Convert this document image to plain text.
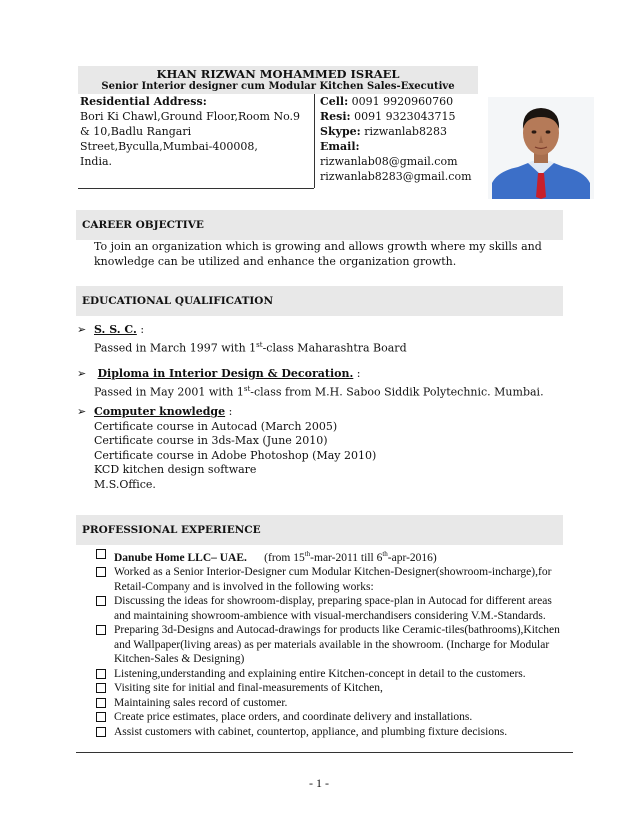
KHAN RIZWAN MOHAMMED ISRAEL
Senior Interior designer cum Modular Kitchen Sales-Executive
Residential Address:
Bori Ki Chawl,Ground Floor,Room No.9
& 10,Badlu Rangari
Street,Byculla,Mumbai-400008,
India.
Cell: 0091 9920960760
Resi: 0091 9323043715
Skype: rizwanlab8283
Email:
rizwanlab08@gmail.com
rizwanlab8283@gmail.com
CAREER OBJECTIVE
To join an organization which is growing and allows growth where my skills and
knowledge can be utilized and enhance the organization growth.
EDUCATIONAL QUALIFICATION
➢ S. S. C. :
Passed in March 1997 with 1st-class Maharashtra Board
➢	Diploma in Interior Design & Decoration. :
Passed in May 2001 with 1st-class from M.H. Saboo Siddik Polytechnic. Mumbai.
➢ Computer knowledge :
Certificate course in Autocad (March 2005)
Certificate course in 3ds-Max (June 2010)
Certificate course in Adobe Photoshop (May 2010)
KCD kitchen design software
M.S.Office.
PROFESSIONAL EXPERIENCE
Danube Home LLC– UAE. (from 15th-mar-2011 till 6th-apr-2016)
Worked as a Senior Interior-Designer cum Modular Kitchen-Designer(showroom-incharge),for Retail-Company and is involved in the following works:
Discussing the ideas for showroom-display, preparing space-plan in Autocad for different areas and maintaining showroom-ambience with visual-merchandisers considering V.M.-Standards.
Preparing 3d-Designs and Autocad-drawings for products like Ceramic-tiles(bathrooms),Kitchen and Wallpaper(living areas) as per materials available in the showroom. (Incharge for Modular Kitchen-Sales & Designing)
Listening,understanding and explaining entire Kitchen-concept in detail to the customers.
Visiting site for initial and final-measurements of Kitchen,
Maintaining sales record of customer.
Create price estimates, place orders, and coordinate delivery and installations.
Assist customers with cabinet, countertop, appliance, and plumbing fixture decisions.
- 1 -
